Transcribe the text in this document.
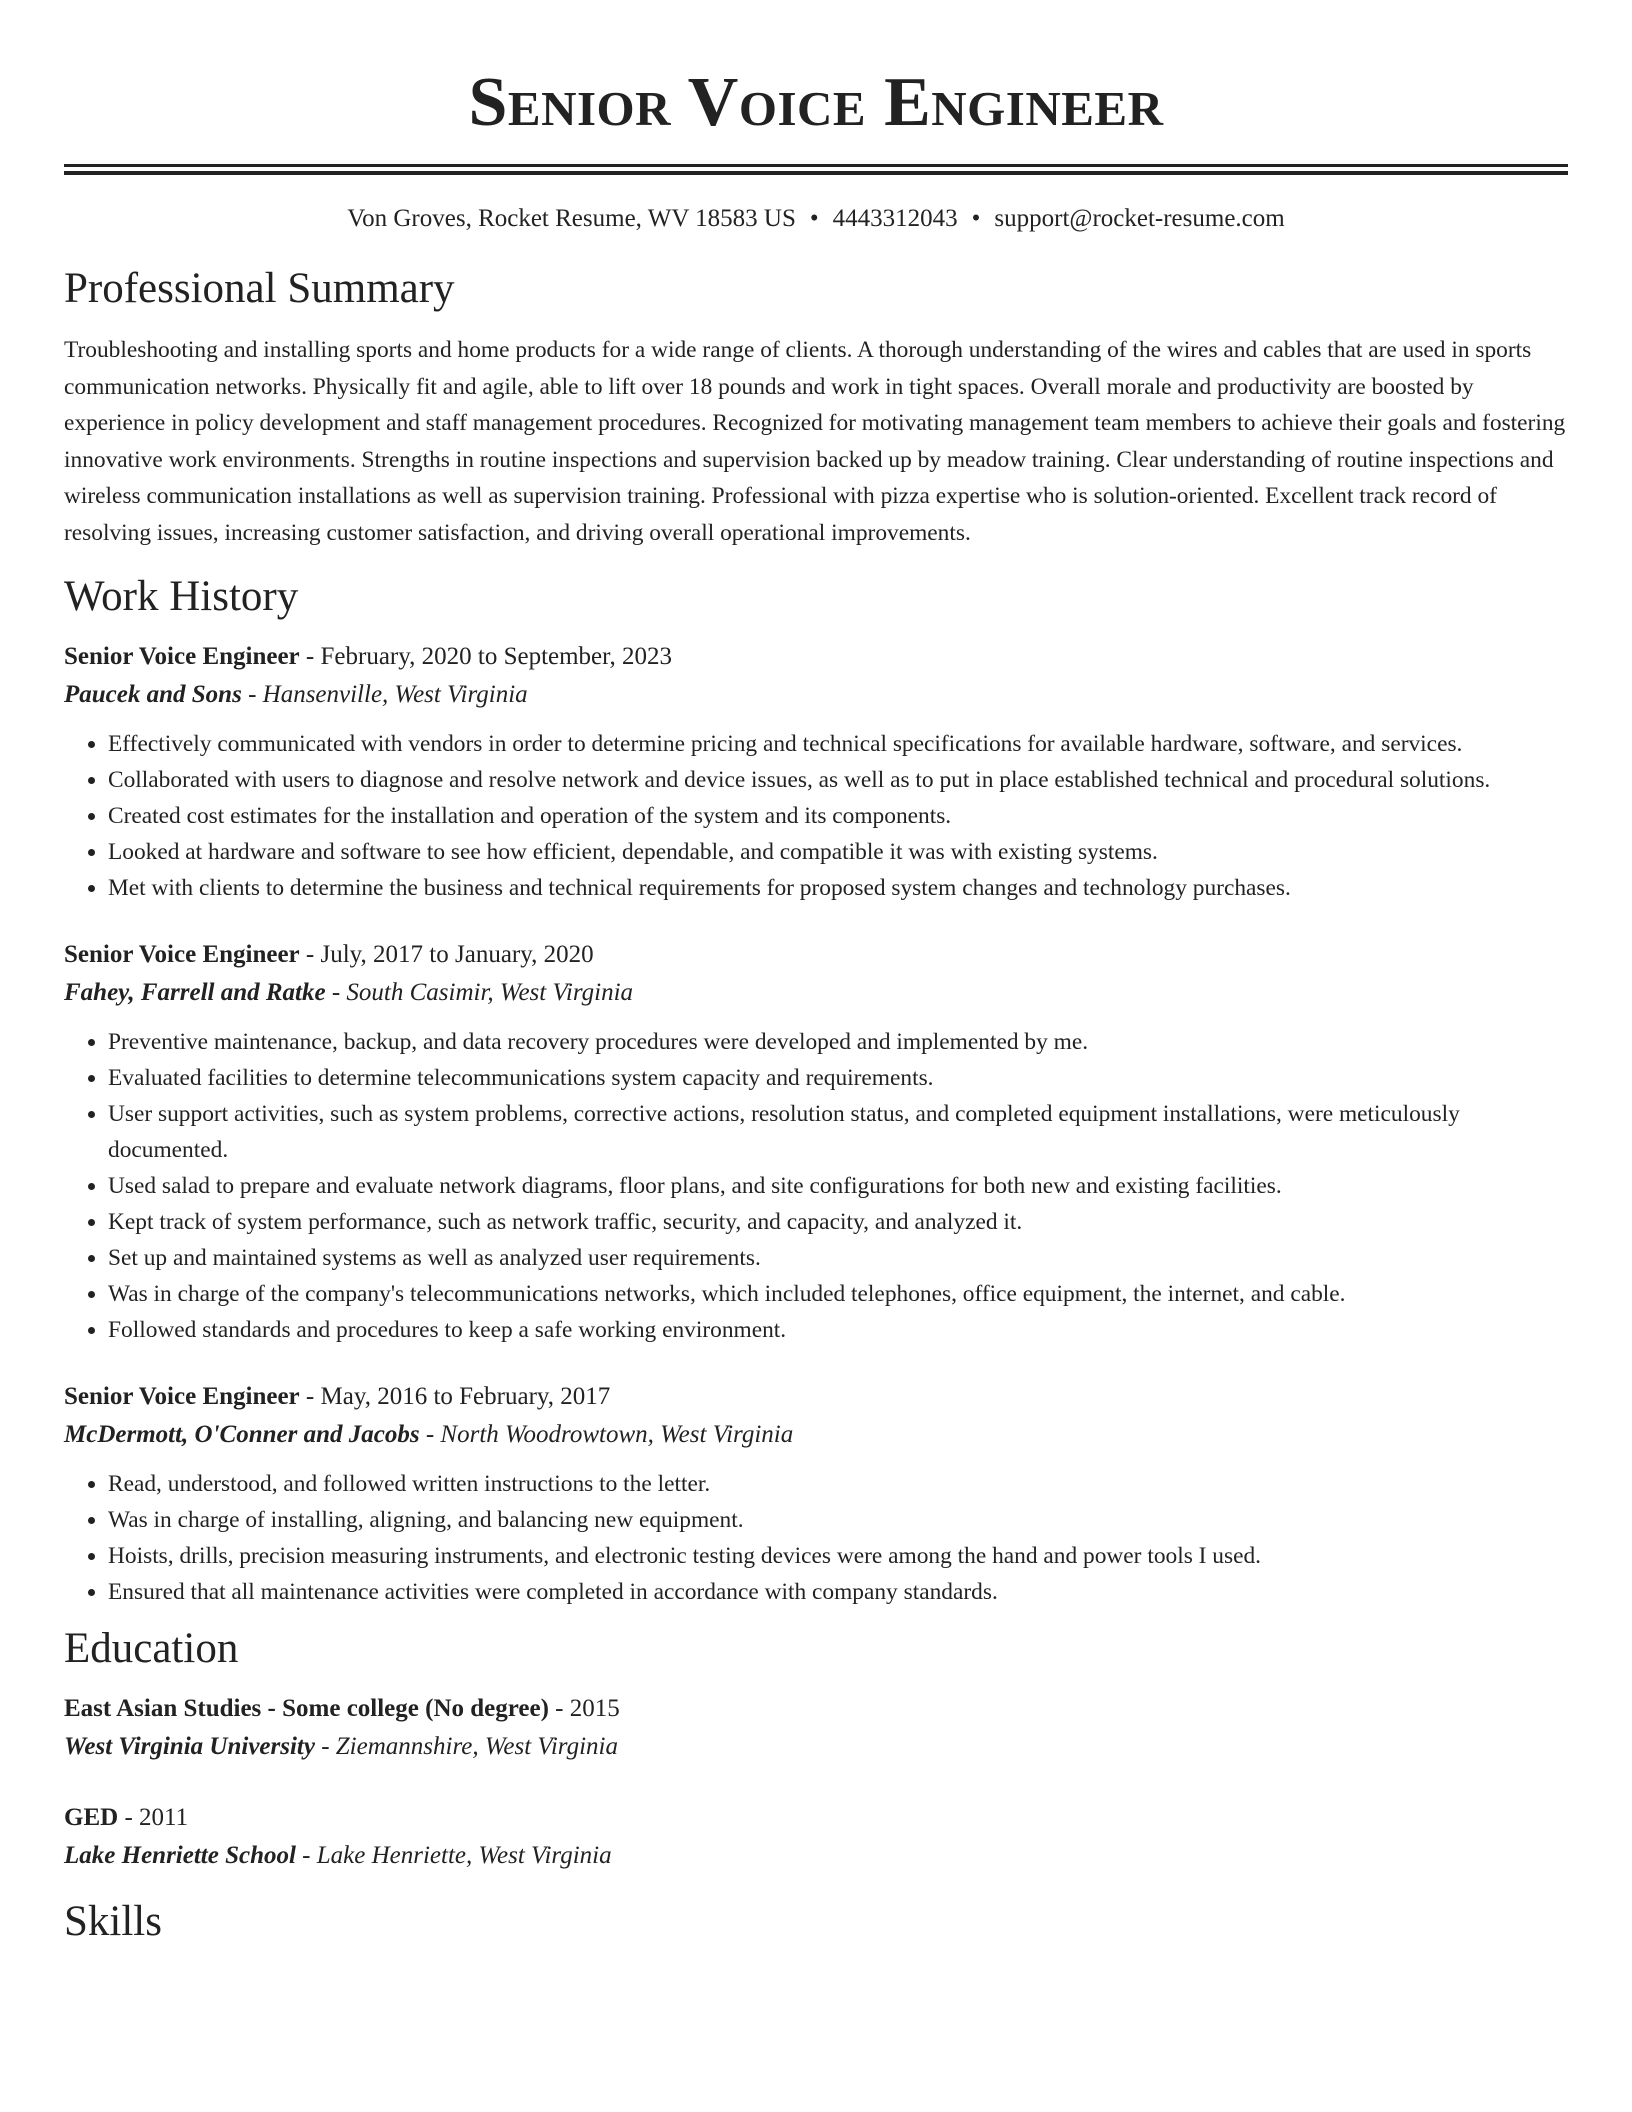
Senior Voice Engineer
Von Groves, Rocket Resume, WV 18583 US • 4443312043 • support@rocket-resume.com
Professional Summary

Troubleshooting and installing sports and home products for a wide range of clients. A thorough understanding of the wires and cables that are used in sports communication networks. Physically fit and agile, able to lift over 18 pounds and work in tight spaces. Overall morale and productivity are boosted by experience in policy development and staff management procedures. Recognized for motivating management team members to achieve their goals and fostering innovative work environments. Strengths in routine inspections and supervision backed up by meadow training. Clear understanding of routine inspections and wireless communication installations as well as supervision training. Professional with pizza expertise who is solution-oriented. Excellent track record of resolving issues, increasing customer satisfaction, and driving overall operational improvements.

Work History
Senior Voice Engineer - February, 2020 to September, 2023
Paucek and Sons - Hansenville, West Virginia
• Effectively communicated with vendors in order to determine pricing and technical specifications for available hardware, software, and services.
• Collaborated with users to diagnose and resolve network and device issues, as well as to put in place established technical and procedural solutions.
• Created cost estimates for the installation and operation of the system and its components.
• Looked at hardware and software to see how efficient, dependable, and compatible it was with existing systems.
• Met with clients to determine the business and technical requirements for proposed system changes and technology purchases.
Senior Voice Engineer - July, 2017 to January, 2020
Fahey, Farrell and Ratke - South Casimir, West Virginia
• Preventive maintenance, backup, and data recovery procedures were developed and implemented by me.
• Evaluated facilities to determine telecommunications system capacity and requirements.
• User support activities, such as system problems, corrective actions, resolution status, and completed equipment installations, were meticulously documented.
• Used salad to prepare and evaluate network diagrams, floor plans, and site configurations for both new and existing facilities.
• Kept track of system performance, such as network traffic, security, and capacity, and analyzed it.
• Set up and maintained systems as well as analyzed user requirements.
• Was in charge of the company's telecommunications networks, which included telephones, office equipment, the internet, and cable.
• Followed standards and procedures to keep a safe working environment.
Senior Voice Engineer - May, 2016 to February, 2017
McDermott, O'Conner and Jacobs - North Woodrowtown, West Virginia
• Read, understood, and followed written instructions to the letter.
• Was in charge of installing, aligning, and balancing new equipment.
• Hoists, drills, precision measuring instruments, and electronic testing devices were among the hand and power tools I used.
• Ensured that all maintenance activities were completed in accordance with company standards.
Education
East Asian Studies - Some college (No degree) - 2015
West Virginia University - Ziemannshire, West Virginia
GED - 2011
Lake Henriette School - Lake Henriette, West Virginia
Skills
